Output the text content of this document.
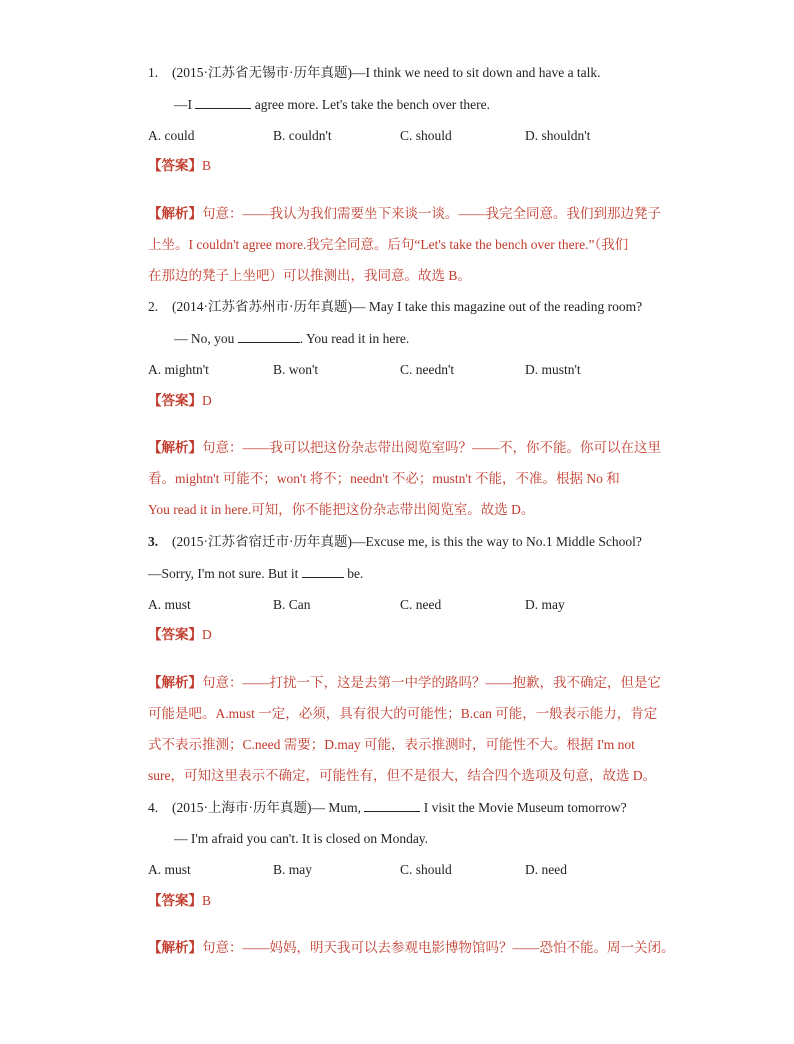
1. (2015·江苏省无锡市·历年真题)—I think we need to sit down and have a talk.
—I	agree more. Let's take the bench over there.
A. could	B. couldn't	C. should	D. shouldn't
【答案】B
【解析】句意：——我认为我们需要坐下来谈一谈。——我完全同意。我们到那边凳子
上坐。I couldn't agree more.我完全同意。后句“Let's take the bench over there.”（我们
在那边的凳子上坐吧）可以推测出，我同意。故选 B。
2. (2014·江苏省苏州市·历年真题)— May I take this magazine out of the reading room?
— No, you	. You read it in here.
A. mightn't	B. won't	C. needn't	D. mustn't
【答案】D
【解析】句意：——我可以把这份杂志带出阅览室吗？——不，你不能。你可以在这里
看。mightn't 可能不；won't 将不；needn't 不必；mustn't 不能，不准。根据 No 和
You read it in here.可知，你不能把这份杂志带出阅览室。故选 D。
3. (2015·江苏省宿迁市·历年真题)—Excuse me, is this the way to No.1 Middle School?
—Sorry, I'm not sure. But it	be.
A. must	B. Can	C. need	D. may
【答案】D
【解析】句意：——打扰一下，这是去第一中学的路吗？——抱歉，我不确定，但是它
可能是吧。A.must 一定，必须，具有很大的可能性；B.can 可能，一般表示能力，肯定
式不表示推测；C.need 需要；D.may 可能，表示推测时，可能性不大。根据 I'm not
sure，可知这里表示不确定，可能性有，但不是很大，结合四个选项及句意，故选 D。
4. (2015·上海市·历年真题)— Mum,	I visit the Movie Museum tomorrow?
— I'm afraid you can't. It is closed on Monday.
A. must	B. may	C. should	D. need
【答案】B
【解析】句意：——妈妈，明天我可以去参观电影博物馆吗？——恐怕不能。周一关闭。
